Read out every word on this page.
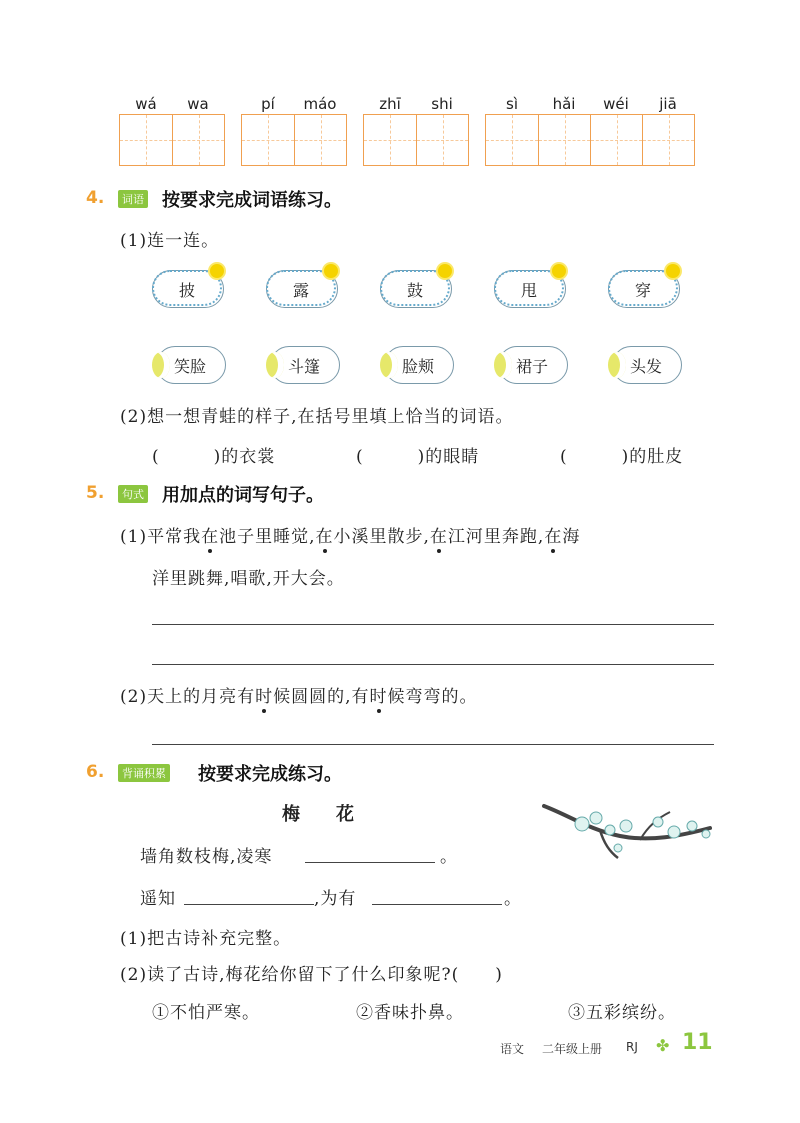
wá	wa	pí	máo	zhī	shi	sì	hǎi	wéi	jiā
4.	词语 按要求完成词语练习。
(1)连一连。
披	露	鼓	甩	穿
笑脸	斗篷	脸颊	裙子	头发
(2)想一想青蛙的样子,在括号里填上恰当的词语。
(　　　)的衣裳	(　　　)的眼睛	(　　　)的肚皮
5.	句式 用加点的词写句子。
(1)平常我在池子里睡觉,在小溪里散步,在江河里奔跑,在海
洋里跳舞,唱歌,开大会。
(2)天上的月亮有时候圆圆的,有时候弯弯的。
6.	背诵积累 按要求完成练习。
梅　　花
墙角数枝梅,凌寒	。
遥知	,为有	。
(1)把古诗补充完整。
(2)读了古诗,梅花给你留下了什么印象呢?(　　)
①不怕严寒。	②香味扑鼻。	③五彩缤纷。
语文 二年级上册 RJ ✤ 11
